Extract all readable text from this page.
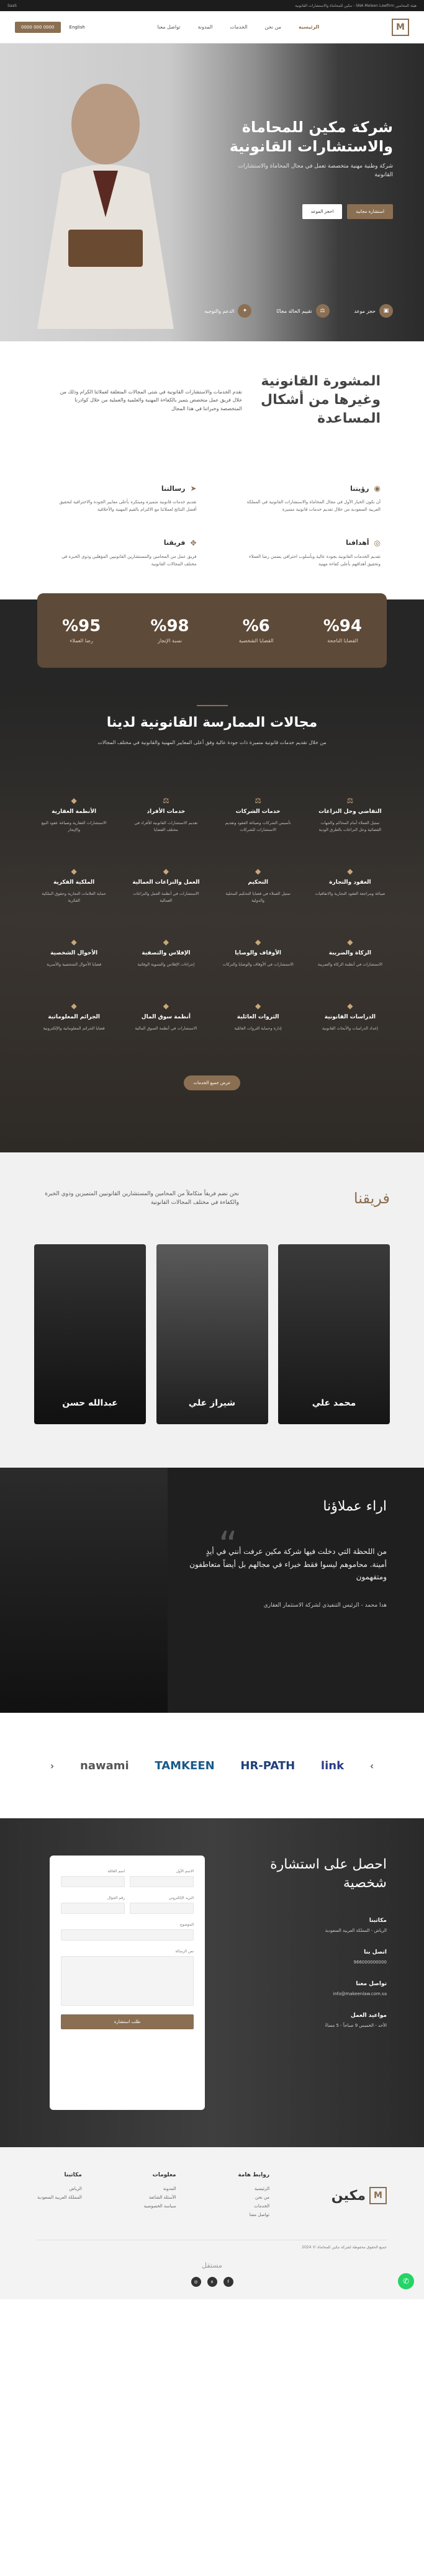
هيئة المحامين SNA Meleen Lawfirm - مكين للمحاماة والاستشارات القانونية
SaaS
M
الرئيسية
من نحن
الخدمات
المدونة
تواصل معنا
English
0000 000 0000
شركة مكين للمحاماة والاستشارات القانونية

شركة وطنية مهنية متخصصة تعمل في مجال المحاماة والاستشارات القانونية

استشارة مجانية
احجز الموعد
▣
حجز موعد
⚖
تقييم الحالة مجانًا
✦
الدعم والتوجيه
المشورة القانونية وغيرها من أشكال المساعدة

نقدم الخدمات والاستشارات القانونية في شتى المجالات المتعلقة لعملائنا الكرام وذلك من خلال فريق عمل متخصص يتميز بالكفاءة المهنية والعلمية والعملية من خلال كوادرنا المتخصصة وخبراتنا في هذا المجال

◉
رؤيتنا

أن نكون الخيار الأول في مجال المحاماة والاستشارات القانونية في المملكة العربية السعودية من خلال تقديم خدمات قانونية متميزة

➤
رسالتنا

تقديم خدمات قانونية متميزة ومبتكرة بأعلى معايير الجودة والاحترافية لتحقيق أفضل النتائج لعملائنا مع الالتزام بالقيم المهنية والأخلاقية

◎
أهدافنا

تقديم الخدمات القانونية بجودة عالية وبأسلوب احترافي يضمن رضا العملاء وتحقيق أهدافهم بأعلى كفاءة مهنية

✥
فريقنا

فريق عمل من المحامين والمستشارين القانونيين المؤهلين وذوي الخبرة في مختلف المجالات القانونية

%94
القضايا الناجحة
%6
القضايا الشخصية
%98
نسبة الإنجاز
%95
رضا العملاء
مجالات الممارسة القانونية لدينا

من خلال تقديم خدمات قانونية متميزة ذات جودة عالية وفق أعلى المعايير المهنية والقانونية في مختلف المجالات

⚖
التقاضي وحل النزاعات

تمثيل العملاء أمام المحاكم والجهات القضائية وحل النزاعات بالطرق الودية

⚖
خدمات الشركات

تأسيس الشركات وصياغة العقود وتقديم الاستشارات للشركات

⚖
خدمات الأفراد

تقديم الاستشارات القانونية للأفراد في مختلف القضايا

◆
الأنظمة العقارية

الاستشارات العقارية وصياغة عقود البيع والإيجار

◆
العقود والتجارة

صياغة ومراجعة العقود التجارية والاتفاقيات

◆
التحكيم

تمثيل العملاء في قضايا التحكيم المحلية والدولية

◆
العمل والنزاعات العمالية

الاستشارات في أنظمة العمل والنزاعات العمالية

◆
الملكية الفكرية

حماية العلامات التجارية وحقوق الملكية الفكرية

◆
الزكاة والضريبة

الاستشارات في أنظمة الزكاة والضريبة

◆
الأوقاف والوصايا

الاستشارات في الأوقاف والوصايا والتركات

◆
الإفلاس والتصفية

إجراءات الإفلاس والتسوية الوقائية

◆
الأحوال الشخصية

قضايا الأحوال الشخصية والأسرية

◆
الدراسات القانونية

إعداد الدراسات والأبحاث القانونية

◆
الثروات العائلية

إدارة وحماية الثروات العائلية

◆
أنظمة سوق المال

الاستشارات في أنظمة السوق المالية

◆
الجرائم المعلوماتية

قضايا الجرائم المعلوماتية والإلكترونية

عرض جميع الخدمات
فريقنا

نحن نضم فريقاً متكاملاً من المحامين والمستشارين القانونيين المتميزين وذوي الخبرة والكفاءة في مختلف المجالات القانونية

محمد علي
شيراز علي
عبدالله حسن
“
اراء عملاؤنا

من اللحظة التي دخلت فيها شركة مكين عرفت أنني في أيدٍ أمينة. محاموهم ليسوا فقط خبراء في مجالهم بل أيضاً متعاطفون ومتفهمون

هدا محمد - الرئيس التنفيذي لشركة الاستثمار العقاري

›
link
HR-PATH
TAMKEEN
nawami
‹
احصل على استشارة شخصية
مكاتبنا

الرياض - المملكة العربية السعودية

اتصل بنا

966000000000

تواصل معنا

info@makeenlaw.com.sa

مواعيد العمل

الأحد - الخميس 9 صباحاً - 5 مساءً

الاسم الأول
اسم العائلة
البريد الإلكتروني
رقم الجوال
الموضوع
نص الرسالة
طلب استشارة
M
مكين
روابط هامة
الرئيسية
من نحن
الخدمات
تواصل معنا
معلومات
المدونة
الأسئلة الشائعة
سياسة الخصوصية
مكاتبنا
الرياض
المملكة العربية السعودية
جميع الحقوق محفوظة لشركة مكين للمحاماة © 2024
مستقل
f
x
◎	✆
